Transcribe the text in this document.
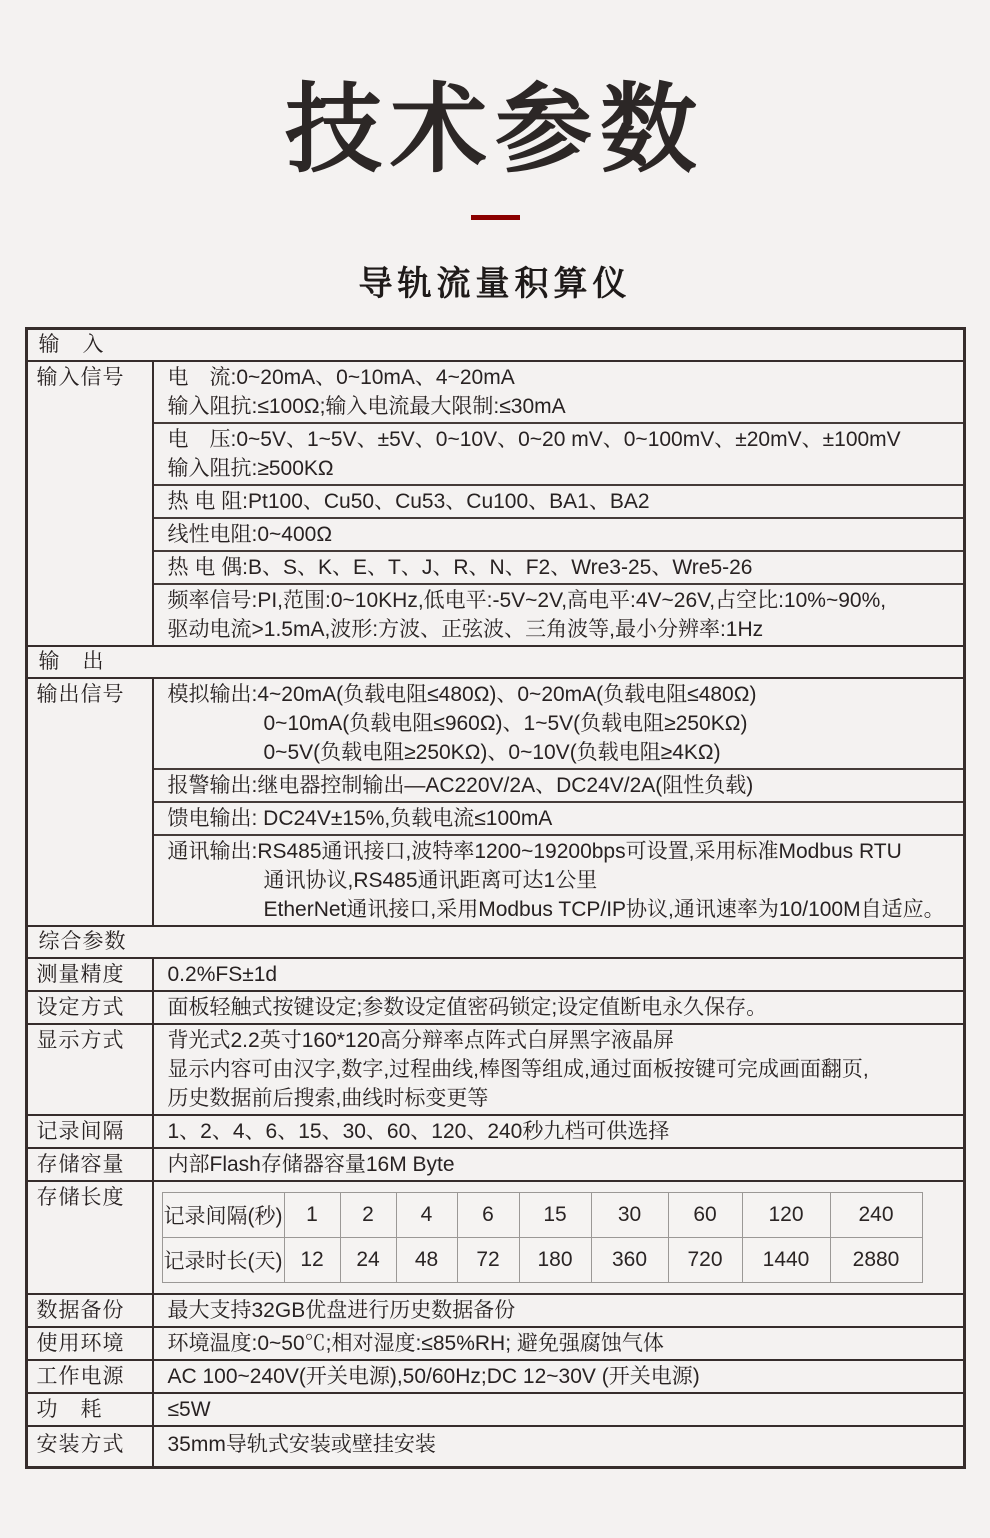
技术参数
导轨流量积算仪
输　入
输入信号	电　流:0~20mA、0~10mA、4~20mA
输入阻抗:≤100Ω;输入电流最大限制:≤30mA
电　压:0~5V、1~5V、±5V、0~10V、0~20 mV、0~100mV、±20mV、±100mV
输入阻抗:≥500KΩ
热 电 阻:Pt100、Cu50、Cu53、Cu100、BA1、BA2
线性电阻:0~400Ω
热 电 偶:B、S、K、E、T、J、R、N、F2、Wre3-25、Wre5-26
频率信号:PI,范围:0~10KHz,低电平:-5V~2V,高电平:4V~26V,占空比:10%~90%,
驱动电流>1.5mA,波形:方波、正弦波、三角波等,最小分辨率:1Hz
输　出
输出信号	模拟输出:4~20mA(负载电阻≤480Ω)、0~20mA(负载电阻≤480Ω)
0~10mA(负载电阻≤960Ω)、1~5V(负载电阻≥250KΩ)
0~5V(负载电阻≥250KΩ)、0~10V(负载电阻≥4KΩ)
报警输出:继电器控制输出—AC220V/2A、DC24V/2A(阻性负载)
馈电输出: DC24V±15%,负载电流≤100mA
通讯输出:RS485通讯接口,波特率1200~19200bps可设置,采用标准Modbus RTU
通讯协议,RS485通讯距离可达1公里
EtherNet通讯接口,采用Modbus TCP/IP协议,通讯速率为10/100M自适应。
综合参数
测量精度	0.2%FS±1d
设定方式	面板轻触式按键设定;参数设定值密码锁定;设定值断电永久保存。
显示方式	背光式2.2英寸160*120高分辩率点阵式白屏黑字液晶屏
显示内容可由汉字,数字,过程曲线,棒图等组成,通过面板按键可完成画面翻页,
历史数据前后搜索,曲线时标变更等
记录间隔	1、2、4、6、15、30、60、120、240秒九档可供选择
存储容量	内部Flash存储器容量16M Byte
存储长度
记录间隔(秒)	1	2	4	6	15	30	60	120	240
记录时长(天)	12	24	48	72	180	360	720	1440	2880
数据备份	最大支持32GB优盘进行历史数据备份
使用环境	环境温度:0~50℃;相对湿度:≤85%RH; 避免强腐蚀气体
工作电源	AC 100~240V(开关电源),50/60Hz;DC 12~30V (开关电源)
功　耗	≤5W
安装方式	35mm导轨式安装或壁挂安装
